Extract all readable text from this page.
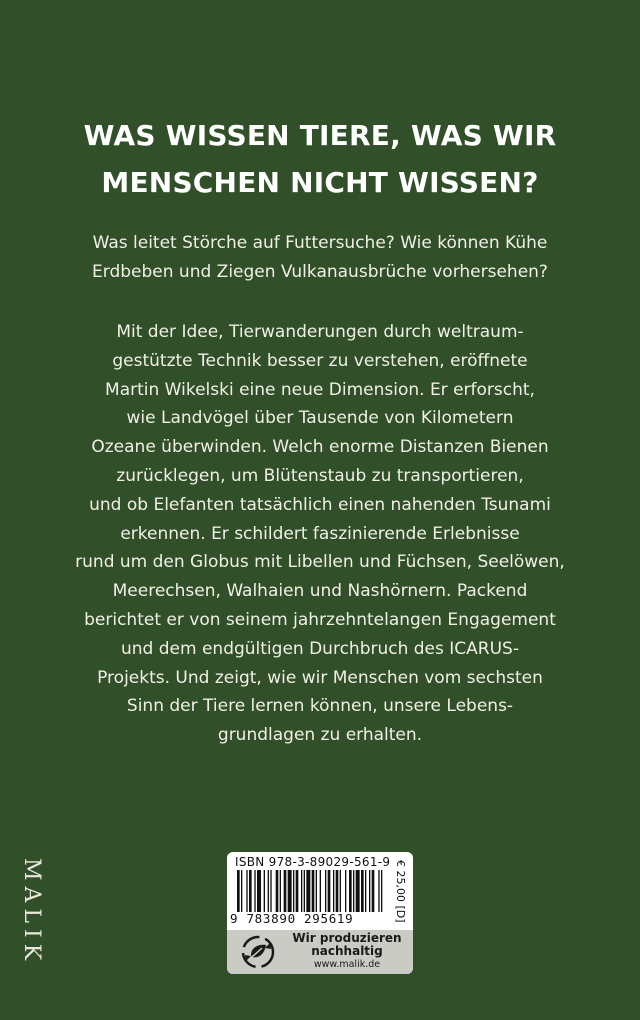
WAS WISSEN TIERE, WAS WIR
MENSCHEN NICHT WISSEN?
Was leitet Störche auf Futtersuche? Wie können Kühe
Erdbeben und Ziegen Vulkanausbrüche vorhersehen?
Mit der Idee, Tierwanderungen durch weltraum-
gestützte Technik besser zu verstehen, eröffnete
Martin Wikelski eine neue Dimension. Er erforscht,
wie Landvögel über Tausende von Kilometern
Ozeane überwinden. Welch enorme Distanzen Bienen
zurücklegen, um Blütenstaub zu transportieren,
und ob Elefanten tatsächlich einen nahenden Tsunami
erkennen. Er schildert faszinierende Erlebnisse
rund um den Globus mit Libellen und Füchsen, Seelöwen,
Meerechsen, Walhaien und Nashörnern. Packend
berichtet er von seinem jahrzehntelangen Engagement
und dem endgültigen Durchbruch des ICARUS-
Projekts. Und zeigt, wie wir Menschen vom sechsten
Sinn der Tiere lernen können, unsere Lebens-
grundlagen zu erhalten.
MALIK	ISBN 978-3-89029-561-9
9 783890 295619	€ 25,00 [D]
Wir produzieren
nachhaltig
www.malik.de
